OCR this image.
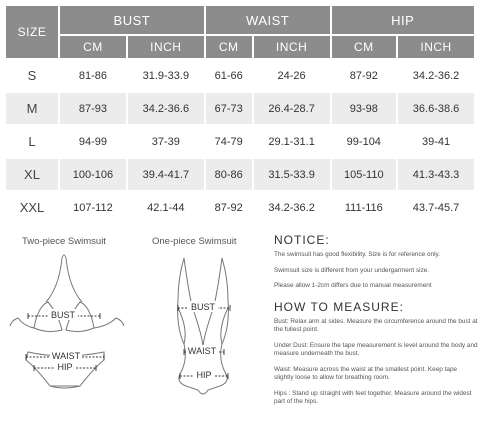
SIZE	BUST		WAIST		HIP	
	CM	INCH	CM	INCH	CM	INCH
S	81-86	31.9-33.9	61-66	24-26	87-92	34.2-36.2
M	87-93	34.2-36.6	67-73	26.4-28.7	93-98	36.6-38.6
L	94-99	37-39	74-79	29.1-31.1	99-104	39-41
XL	100-106	39.4-41.7	80-86	31.5-33.9	105-110	41.3-43.3
XXL	107-112	42.1-44	87-92	34.2-36.2	111-116	43.7-45.7
Two-piece Swimsuit	One-piece Swimsuit
BUST
WAIST
HIP
BUST
WAIST
HIP
NOTICE:

The swimsuit has good flexibility. Size is for reference only.

Swimsuit size is different from your undergarment size.

Please allow 1-2cm differs due to manual measurement

HOW TO MEASURE:

Bust: Relax arm at sides. Measure the circumference around the bust at the fullest point.

Under Dust: Ensure the tape measurement is level around the body and measure underneath the bust.

Waist: Measure across the waist at the smallest point. Keep tape slightly loose to allow for breathing room.

Hips : Stand up straight with feet together. Measure around the widest part of the hips.
